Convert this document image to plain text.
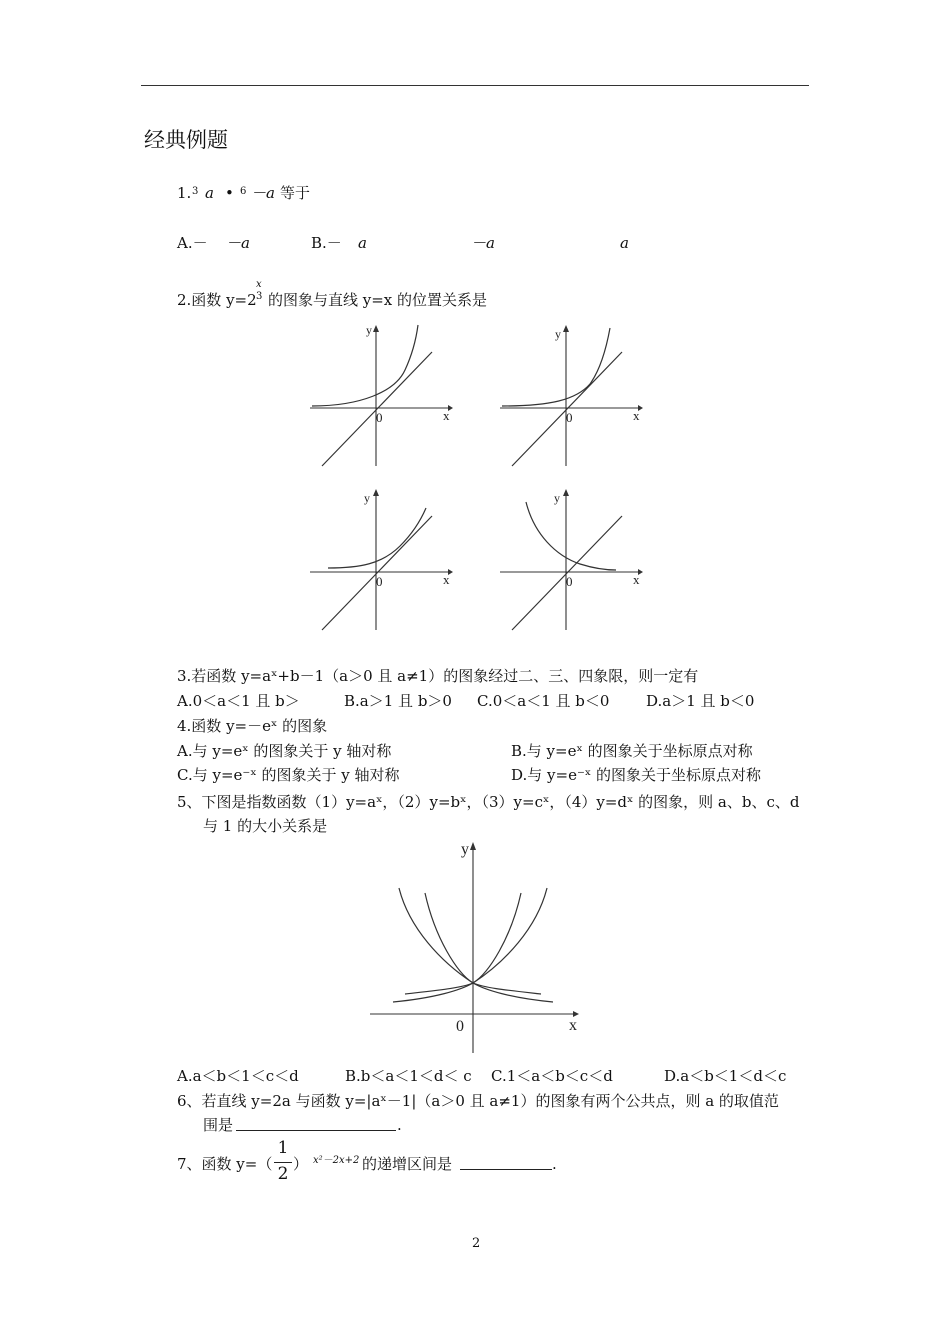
经典例题
1. 3 a • 6 －a 等于
A.－ －a	B.－ a	－a	a
2.函数 y=2
x
3 的图象与直线 y=x 的位置关系是
y
x
0
y
x
0
y
x
0
y
x
0
3.若函数 y=aˣ+b－1（a＞0 且 a≠1）的图象经过二、三、四象限，则一定有
A.0＜a＜1 且 b＞	B.a＞1 且 b＞0 C.0＜a＜1 且 b＜0 D.a＞1 且 b＜0
4.函数 y=－eˣ 的图象
A.与 y=eˣ 的图象关于 y 轴对称	B.与 y=eˣ 的图象关于坐标原点对称
C.与 y=e⁻ˣ 的图象关于 y 轴对称	D.与 y=e⁻ˣ 的图象关于坐标原点对称
5、下图是指数函数（1）y=aˣ，（2）y=bˣ，（3）y=cˣ，（4）y=dˣ 的图象，则 a、b、c、d
与 1 的大小关系是
y
x
0
A.a＜b＜1＜c＜d	B.b＜a＜1＜d＜ c C.1＜a＜b＜c＜d	D.a＜b＜1＜d＜c
6、若直线 y=2a 与函数 y=|aˣ－1|（a＞0 且 a≠1）的图象有两个公共点，则 a 的取值范
围是	.
7、函数 y=（
1
2 ） x²－2x+2 的递增区间是	.
2
